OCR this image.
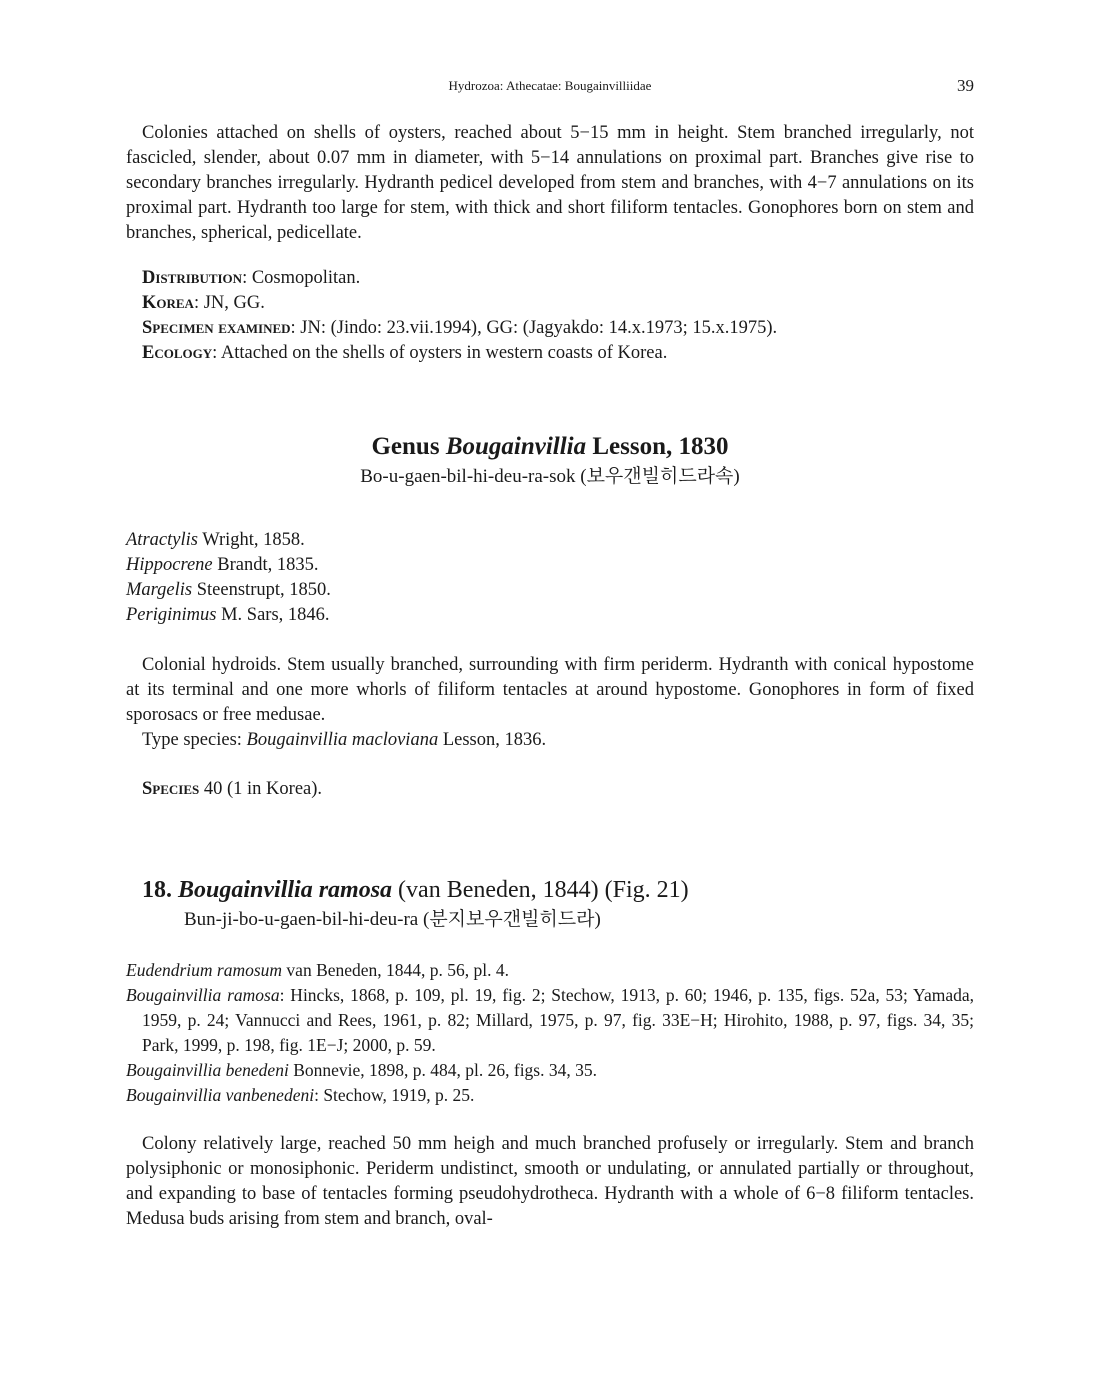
Hydrozoa: Athecatae: Bougainvilliidae	39

Colonies attached on shells of oysters, reached about 5−15 mm in height. Stem branched irregularly, not fascicled, slender, about 0.07 mm in diameter, with 5−14 annulations on proximal part. Branches give rise to secondary branches irregularly. Hydranth pedicel developed from stem and branches, with 4−7 annulations on its proximal part. Hydranth too large for stem, with thick and short filiform tentacles. Gonophores born on stem and branches, spherical, pedicellate.

Distribution: Cosmopolitan.
Korea: JN, GG.
Specimen examined: JN: (Jindo: 23.vii.1994), GG: (Jagyakdo: 14.x.1973; 15.x.1975).
Ecology: Attached on the shells of oysters in western coasts of Korea.
Genus Bougainvillia Lesson, 1830
Bo-u-gaen-bil-hi-deu-ra-sok (보우갠빌히드라속)
Atractylis Wright, 1858.
Hippocrene Brandt, 1835.
Margelis Steenstrupt, 1850.
Periginimus M. Sars, 1846.

Colonial hydroids. Stem usually branched, surrounding with firm periderm. Hydranth with conical hypostome at its terminal and one more whorls of filiform tentacles at around hypostome. Gonophores in form of fixed sporosacs or free medusae.

Type species: Bougainvillia macloviana Lesson, 1836.
Species 40 (1 in Korea).
18. Bougainvillia ramosa (van Beneden, 1844) (Fig. 21)
Bun-ji-bo-u-gaen-bil-hi-deu-ra (분지보우갠빌히드라)
Eudendrium ramosum van Beneden, 1844, p. 56, pl. 4.
Bougainvillia ramosa: Hincks, 1868, p. 109, pl. 19, fig. 2; Stechow, 1913, p. 60; 1946, p. 135, figs. 52a, 53; Yamada, 1959, p. 24; Vannucci and Rees, 1961, p. 82; Millard, 1975, p. 97, fig. 33E−H; Hirohito, 1988, p. 97, figs. 34, 35; Park, 1999, p. 198, fig. 1E−J; 2000, p. 59.
Bougainvillia benedeni Bonnevie, 1898, p. 484, pl. 26, figs. 34, 35.
Bougainvillia vanbenedeni: Stechow, 1919, p. 25.

Colony relatively large, reached 50 mm heigh and much branched profusely or irregularly. Stem and branch polysiphonic or monosiphonic. Periderm undistinct, smooth or undulating, or annulated partially or throughout, and expanding to base of tentacles forming pseudohydrotheca. Hydranth with a whole of 6−8 filiform tentacles. Medusa buds arising from stem and branch, oval-
